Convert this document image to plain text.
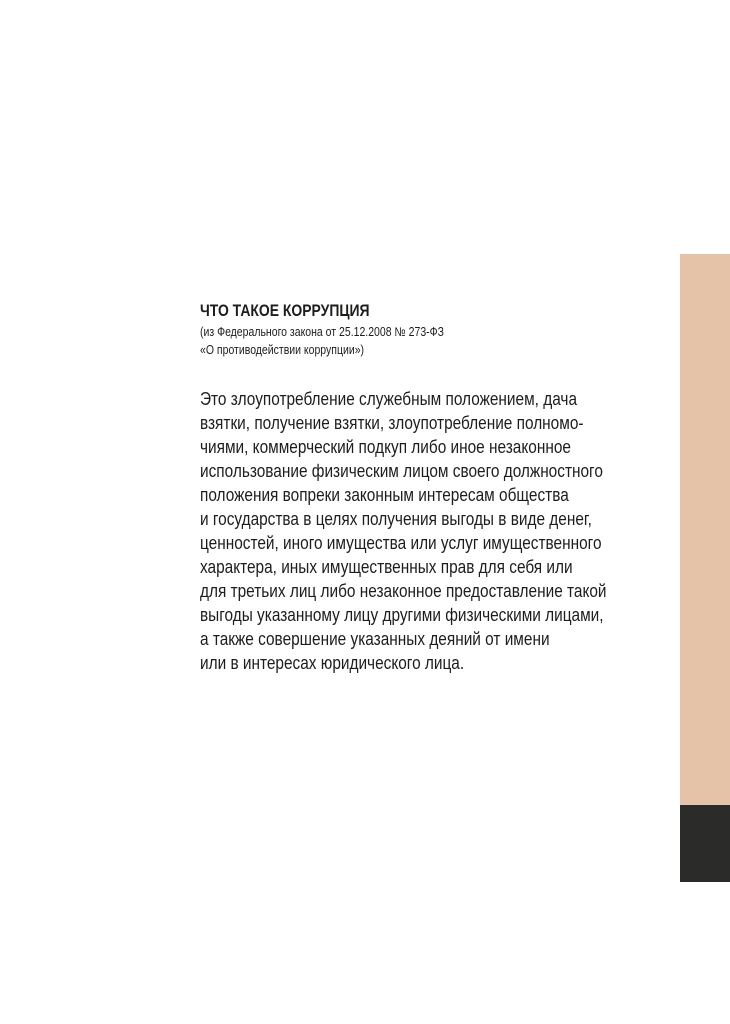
ЧТО ТАКОЕ КОРРУПЦИЯ

(из Федерального закона от 25.12.2008 № 273-ФЗ

«О противодействии коррупции»)

Это злоупотребление служебным положением, дача

взятки, получение взятки, злоупотребление полномо-

чиями, коммерческий подкуп либо иное незаконное

использование физическим лицом своего должностного

положения вопреки законным интересам общества

и государства в целях получения выгоды в виде денег,

ценностей, иного имущества или услуг имущественного

характера, иных имущественных прав для себя или

для третьих лиц либо незаконное предоставление такой

выгоды указанному лицу другими физическими лицами,

а также совершение указанных деяний от имени

или в интересах юридического лица.
